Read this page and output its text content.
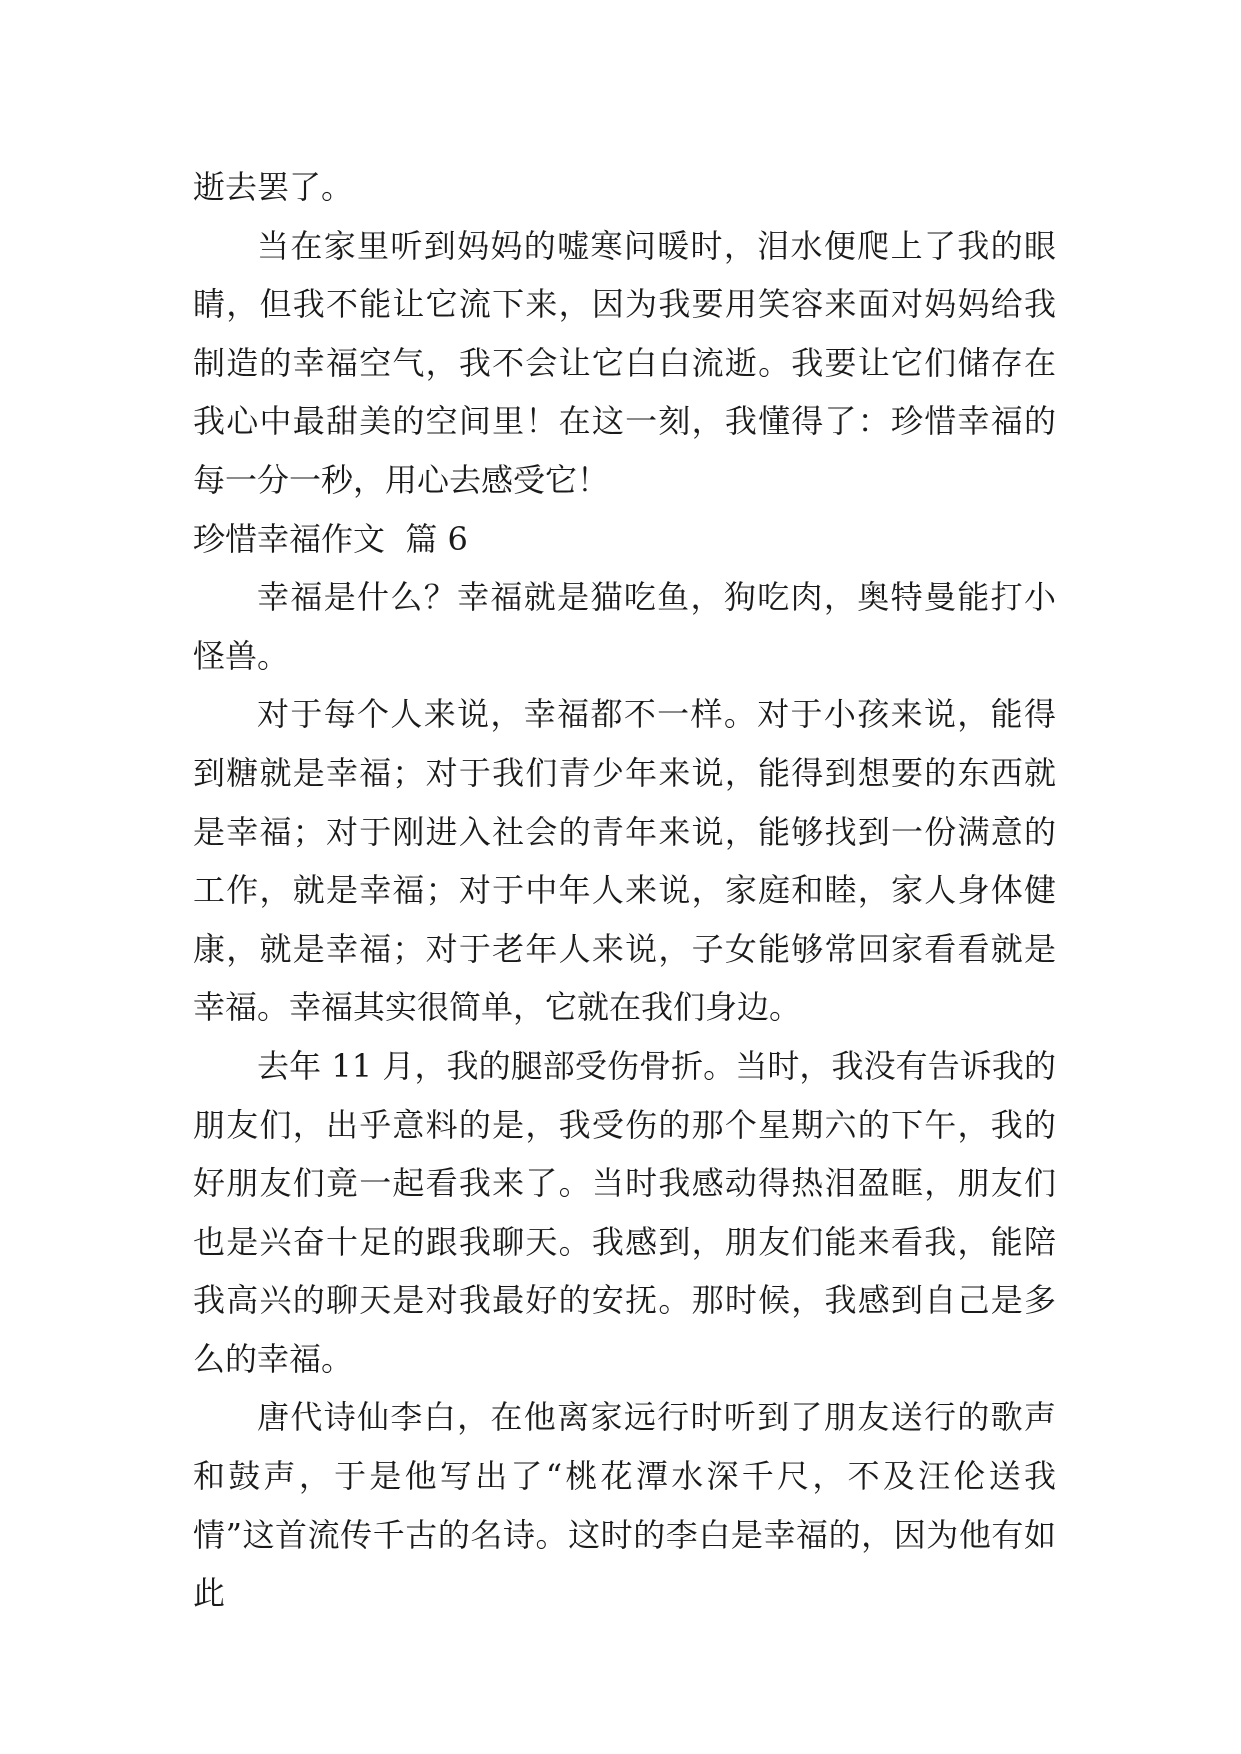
逝去罢了。

当在家里听到妈妈的嘘寒问暖时，泪水便爬上了我的眼睛，但我不能让它流下来，因为我要用笑容来面对妈妈给我制造的幸福空气，我不会让它白白流逝。我要让它们储存在我心中最甜美的空间里！在这一刻，我懂得了：珍惜幸福的每一分一秒，用心去感受它！

珍惜幸福作文  篇 6

幸福是什么？幸福就是猫吃鱼，狗吃肉，奥特曼能打小怪兽。

对于每个人来说，幸福都不一样。对于小孩来说，能得到糖就是幸福；对于我们青少年来说，能得到想要的东西就是幸福；对于刚进入社会的青年来说，能够找到一份满意的工作，就是幸福；对于中年人来说，家庭和睦，家人身体健康，就是幸福；对于老年人来说，子女能够常回家看看就是幸福。幸福其实很简单，它就在我们身边。

去年 11 月，我的腿部受伤骨折。当时，我没有告诉我的朋友们，出乎意料的是，我受伤的那个星期六的下午，我的好朋友们竟一起看我来了。当时我感动得热泪盈眶，朋友们也是兴奋十足的跟我聊天。我感到，朋友们能来看我，能陪我高兴的聊天是对我最好的安抚。那时候，我感到自己是多么的幸福。

唐代诗仙李白，在他离家远行时听到了朋友送行的歌声和鼓声，于是他写出了“桃花潭水深千尺，不及汪伦送我情”这首流传千古的名诗。这时的李白是幸福的，因为他有如此
